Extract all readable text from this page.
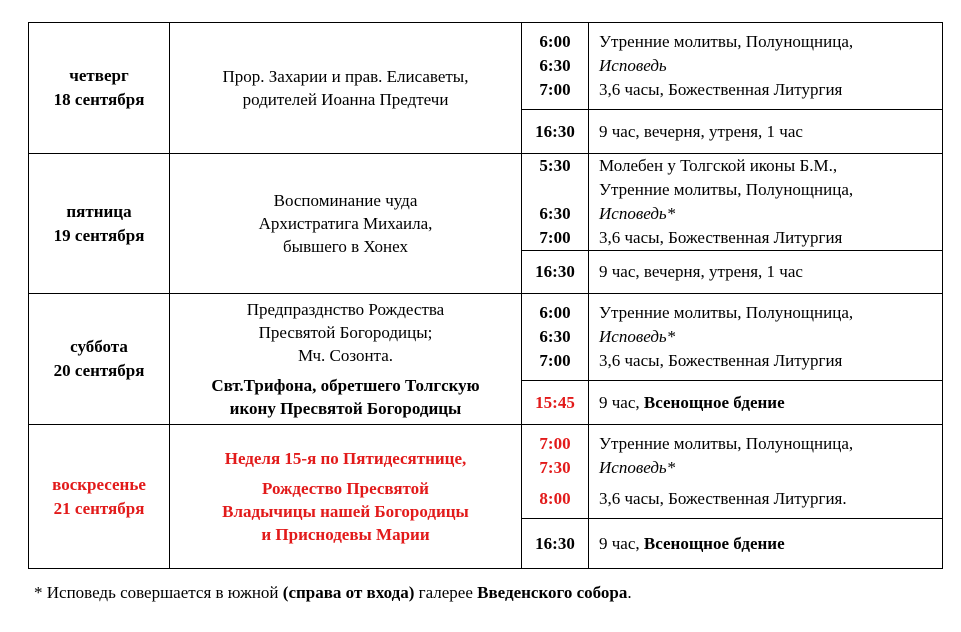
четверг
18 сентября	Прор. Захарии и прав. Елисаветы,
родителей Иоанна Предтечи	6:00
6:30
7:00	Утренние молитвы, Полунощница,
Исповедь
3,6 часы, Божественная Литургия

		16:30	9 час, вечерня, утреня, 1 час

пятница
19 сентября	Воспоминание чуда
Архистратига Михаила,
бывшего в Хонех	5:30
6:30
7:00	Молебен у Толгской иконы Б.М.,
Утренние молитвы, Полунощница,
Исповедь*
3,6 часы, Божественная Литургия

		16:30	9 час, вечерня, утреня, 1 час

суббота
20 сентября	Предпразднство Рождества
Пресвятой Богородицы;
Мч. Созонта.
Свт.Трифона, обретшего Толгскую
икону Пресвятой Богородицы	6:00
6:30
7:00	Утренние молитвы, Полунощница,
Исповедь*
3,6 часы, Божественная Литургия

		15:45	9 час, Всенощное бдение

воскресенье
21 сентября	Неделя 15-я по Пятидесятнице,
Рождество Пресвятой
Владычицы нашей Богородицы
и Приснодевы Марии	7:00
7:30
8:00	Утренние молитвы, Полунощница,
Исповедь*
3,6 часы, Божественная Литургия.

		16:30	9 час, Всенощное бдение
* Исповедь совершается в южной (справа от входа) галерее Введенского собора.
